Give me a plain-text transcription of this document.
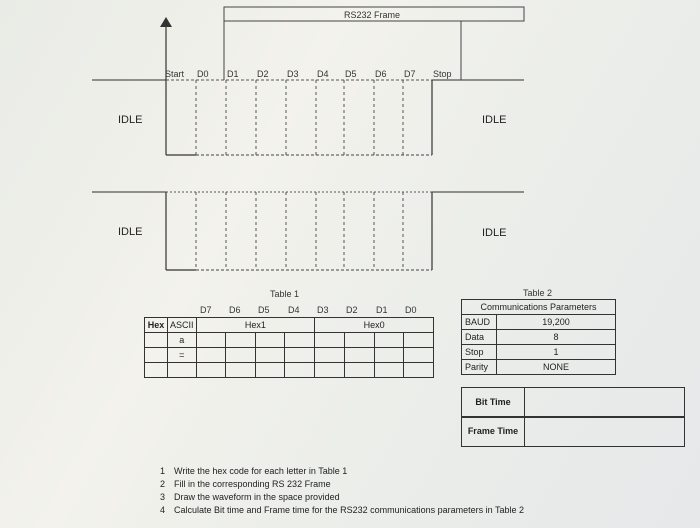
RS232 Frame
Start D0 D1 D2 D3 D4 D5 D6 D7 Stop
IDLE	IDLE
IDLE	IDLE
Table 1
D7 D6 D5 D4 D3 D2 D1 D0
Hex	ASCII	Hex1				Hex0			
	a								
	=								

Table 2
Communications Parameters
BAUD	19,200
Data	8
Stop	1
Parity	NONE
Bit Time
Frame Time
1 Write the hex code for each letter in Table 1
2 Fill in the corresponding RS 232 Frame
3 Draw the waveform in the space provided
4 Calculate Bit time and Frame time for the RS232 communications parameters in Table 2
